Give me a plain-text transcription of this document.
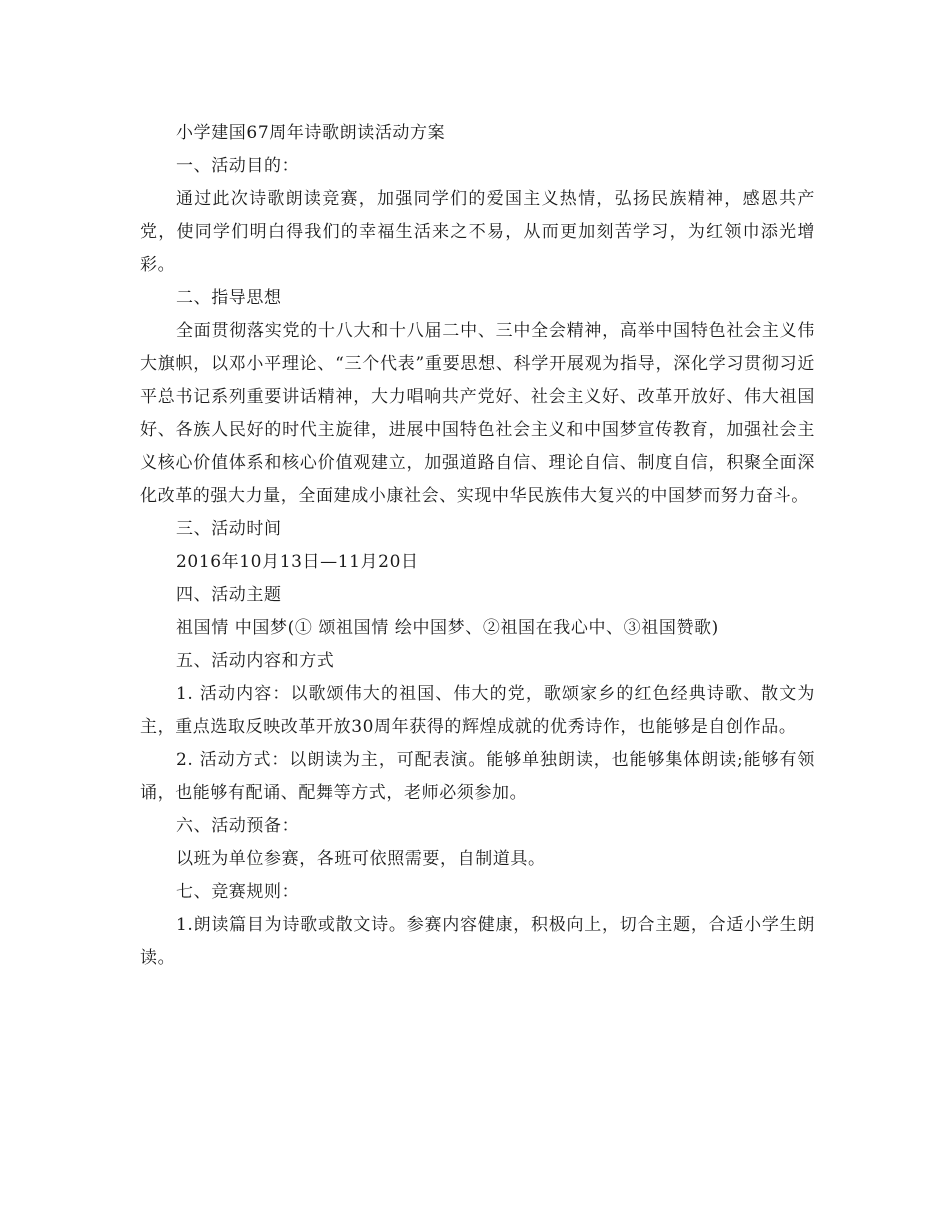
小学建国67周年诗歌朗读活动方案

一、活动目的：

通过此次诗歌朗读竞赛，加强同学们的爱国主义热情，弘扬民族精神，感恩共产党，使同学们明白得我们的幸福生活来之不易，从而更加刻苦学习，为红领巾添光增彩。

二、指导思想

全面贯彻落实党的十八大和十八届二中、三中全会精神，高举中国特色社会主义伟大旗帜，以邓小平理论、“三个代表”重要思想、科学开展观为指导，深化学习贯彻习近平总书记系列重要讲话精神，大力唱响共产党好、社会主义好、改革开放好、伟大祖国好、各族人民好的时代主旋律，进展中国特色社会主义和中国梦宣传教育，加强社会主义核心价值体系和核心价值观建立，加强道路自信、理论自信、制度自信，积聚全面深化改革的强大力量，全面建成小康社会、实现中华民族伟大复兴的中国梦而努力奋斗。

三、活动时间

2016年10月13日—11月20日

四、活动主题

祖国情 中国梦(① 颂祖国情 绘中国梦、②祖国在我心中、③祖国赞歌)

五、活动内容和方式

1. 活动内容：以歌颂伟大的祖国、伟大的党，歌颂家乡的红色经典诗歌、散文为主，重点选取反映改革开放30周年获得的辉煌成就的优秀诗作，也能够是自创作品。

2. 活动方式：以朗读为主，可配表演。能够单独朗读，也能够集体朗读;能够有领诵，也能够有配诵、配舞等方式，老师必须参加。

六、活动预备：

以班为单位参赛，各班可依照需要，自制道具。

七、竞赛规则：

1.朗读篇目为诗歌或散文诗。参赛内容健康，积极向上，切合主题，合适小学生朗读。
